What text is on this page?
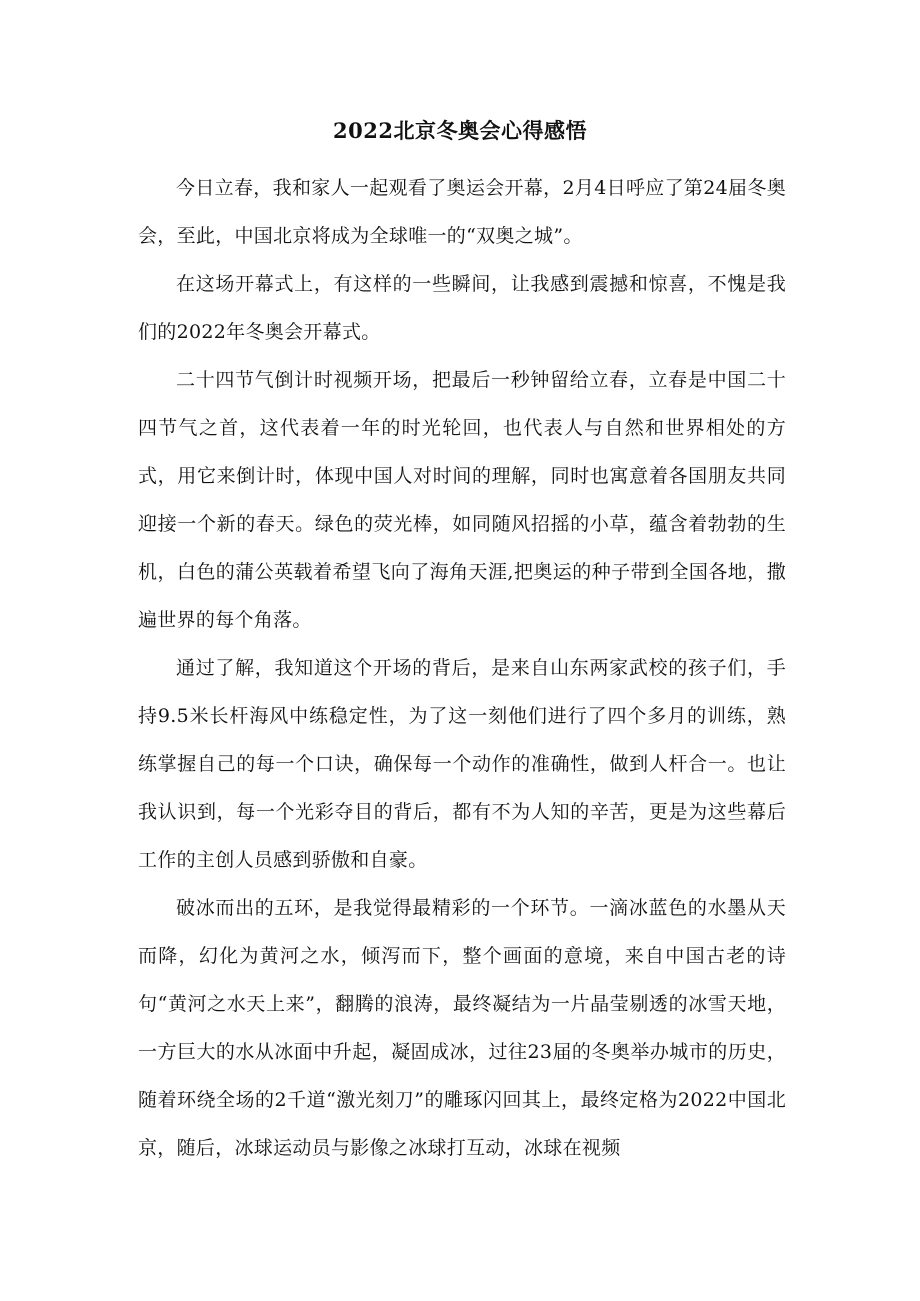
2022北京冬奥会心得感悟

今日立春，我和家人一起观看了奥运会开幕，2月4日呼应了第24届冬奥会，至此，中国北京将成为全球唯一的“双奥之城”。

在这场开幕式上，有这样的一些瞬间，让我感到震撼和惊喜，不愧是我们的2022年冬奥会开幕式。

二十四节气倒计时视频开场，把最后一秒钟留给立春，立春是中国二十四节气之首，这代表着一年的时光轮回，也代表人与自然和世界相处的方式，用它来倒计时，体现中国人对时间的理解，同时也寓意着各国朋友共同迎接一个新的春天。绿色的荧光棒，如同随风招摇的小草，蕴含着勃勃的生机，白色的蒲公英载着希望飞向了海角天涯,把奥运的种子带到全国各地，撒遍世界的每个角落。

通过了解，我知道这个开场的背后，是来自山东两家武校的孩子们，手持9.5米长杆海风中练稳定性，为了这一刻他们进行了四个多月的训练，熟练掌握自己的每一个口诀，确保每一个动作的准确性，做到人杆合一。也让我认识到，每一个光彩夺目的背后，都有不为人知的辛苦，更是为这些幕后工作的主创人员感到骄傲和自豪。

破冰而出的五环，是我觉得最精彩的一个环节。一滴冰蓝色的水墨从天而降，幻化为黄河之水，倾泻而下，整个画面的意境，来自中国古老的诗句“黄河之水天上来”，翻腾的浪涛，最终凝结为一片晶莹剔透的冰雪天地，一方巨大的水从冰面中升起，凝固成冰，过往23届的冬奥举办城市的历史，随着环绕全场的2千道“激光刻刀”的雕琢闪回其上，最终定格为2022中国北京，随后，冰球运动员与影像之冰球打互动，冰球在视频
